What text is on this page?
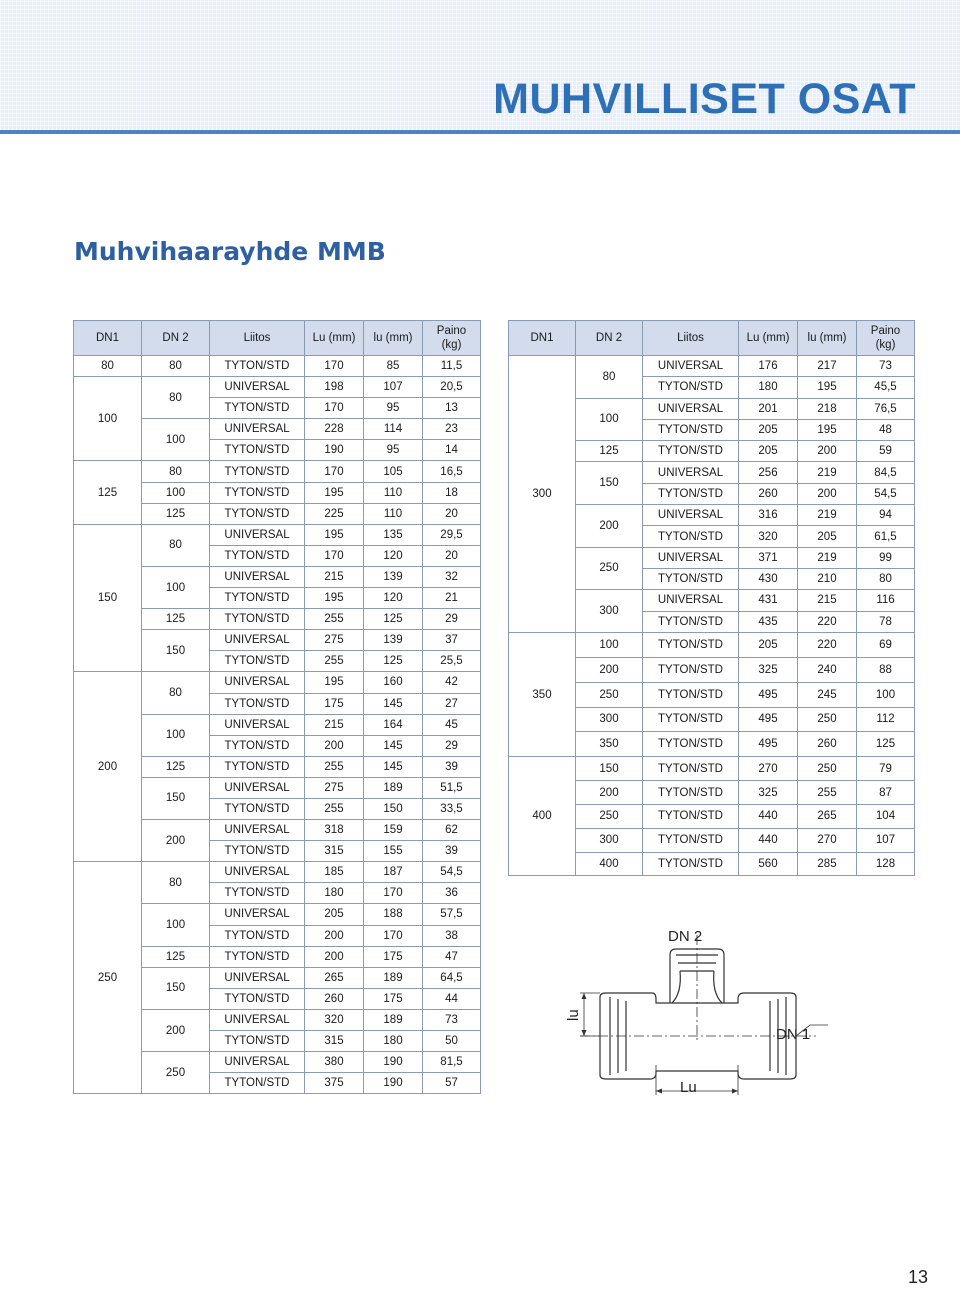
MUHVILLISET OSAT
Muhvihaarayhde MMB
DN1	DN 2	Liitos	Lu (mm)	lu (mm)	Paino
(kg)
80	80	TYTON/STD	170	85	11,5
100	80	UNIVERSAL	198	107	20,5
		TYTON/STD	170	95	13
	100	UNIVERSAL	228	114	23
		TYTON/STD	190	95	14
125	80	TYTON/STD	170	105	16,5
	100	TYTON/STD	195	110	18
	125	TYTON/STD	225	110	20
150	80	UNIVERSAL	195	135	29,5
		TYTON/STD	170	120	20
	100	UNIVERSAL	215	139	32
		TYTON/STD	195	120	21
	125	TYTON/STD	255	125	29
	150	UNIVERSAL	275	139	37
		TYTON/STD	255	125	25,5
200	80	UNIVERSAL	195	160	42
		TYTON/STD	175	145	27
	100	UNIVERSAL	215	164	45
		TYTON/STD	200	145	29
	125	TYTON/STD	255	145	39
	150	UNIVERSAL	275	189	51,5
		TYTON/STD	255	150	33,5
	200	UNIVERSAL	318	159	62
		TYTON/STD	315	155	39
250	80	UNIVERSAL	185	187	54,5
		TYTON/STD	180	170	36
	100	UNIVERSAL	205	188	57,5
		TYTON/STD	200	170	38
	125	TYTON/STD	200	175	47
	150	UNIVERSAL	265	189	64,5
		TYTON/STD	260	175	44
	200	UNIVERSAL	320	189	73
		TYTON/STD	315	180	50
	250	UNIVERSAL	380	190	81,5
		TYTON/STD	375	190	57
DN1	DN 2	Liitos	Lu (mm)	lu (mm)	Paino
(kg)
300	80	UNIVERSAL	176	217	73
		TYTON/STD	180	195	45,5
	100	UNIVERSAL	201	218	76,5
		TYTON/STD	205	195	48
	125	TYTON/STD	205	200	59
	150	UNIVERSAL	256	219	84,5
		TYTON/STD	260	200	54,5
	200	UNIVERSAL	316	219	94
		TYTON/STD	320	205	61,5
	250	UNIVERSAL	371	219	99
		TYTON/STD	430	210	80
	300	UNIVERSAL	431	215	116
		TYTON/STD	435	220	78
350	100	TYTON/STD	205	220	69
	200	TYTON/STD	325	240	88
	250	TYTON/STD	495	245	100
	300	TYTON/STD	495	250	112
	350	TYTON/STD	495	260	125
400	150	TYTON/STD	270	250	79
	200	TYTON/STD	325	255	87
	250	TYTON/STD	440	265	104
	300	TYTON/STD	440	270	107
	400	TYTON/STD	560	285	128
DN 2
DN 1
Lu
lu
13
